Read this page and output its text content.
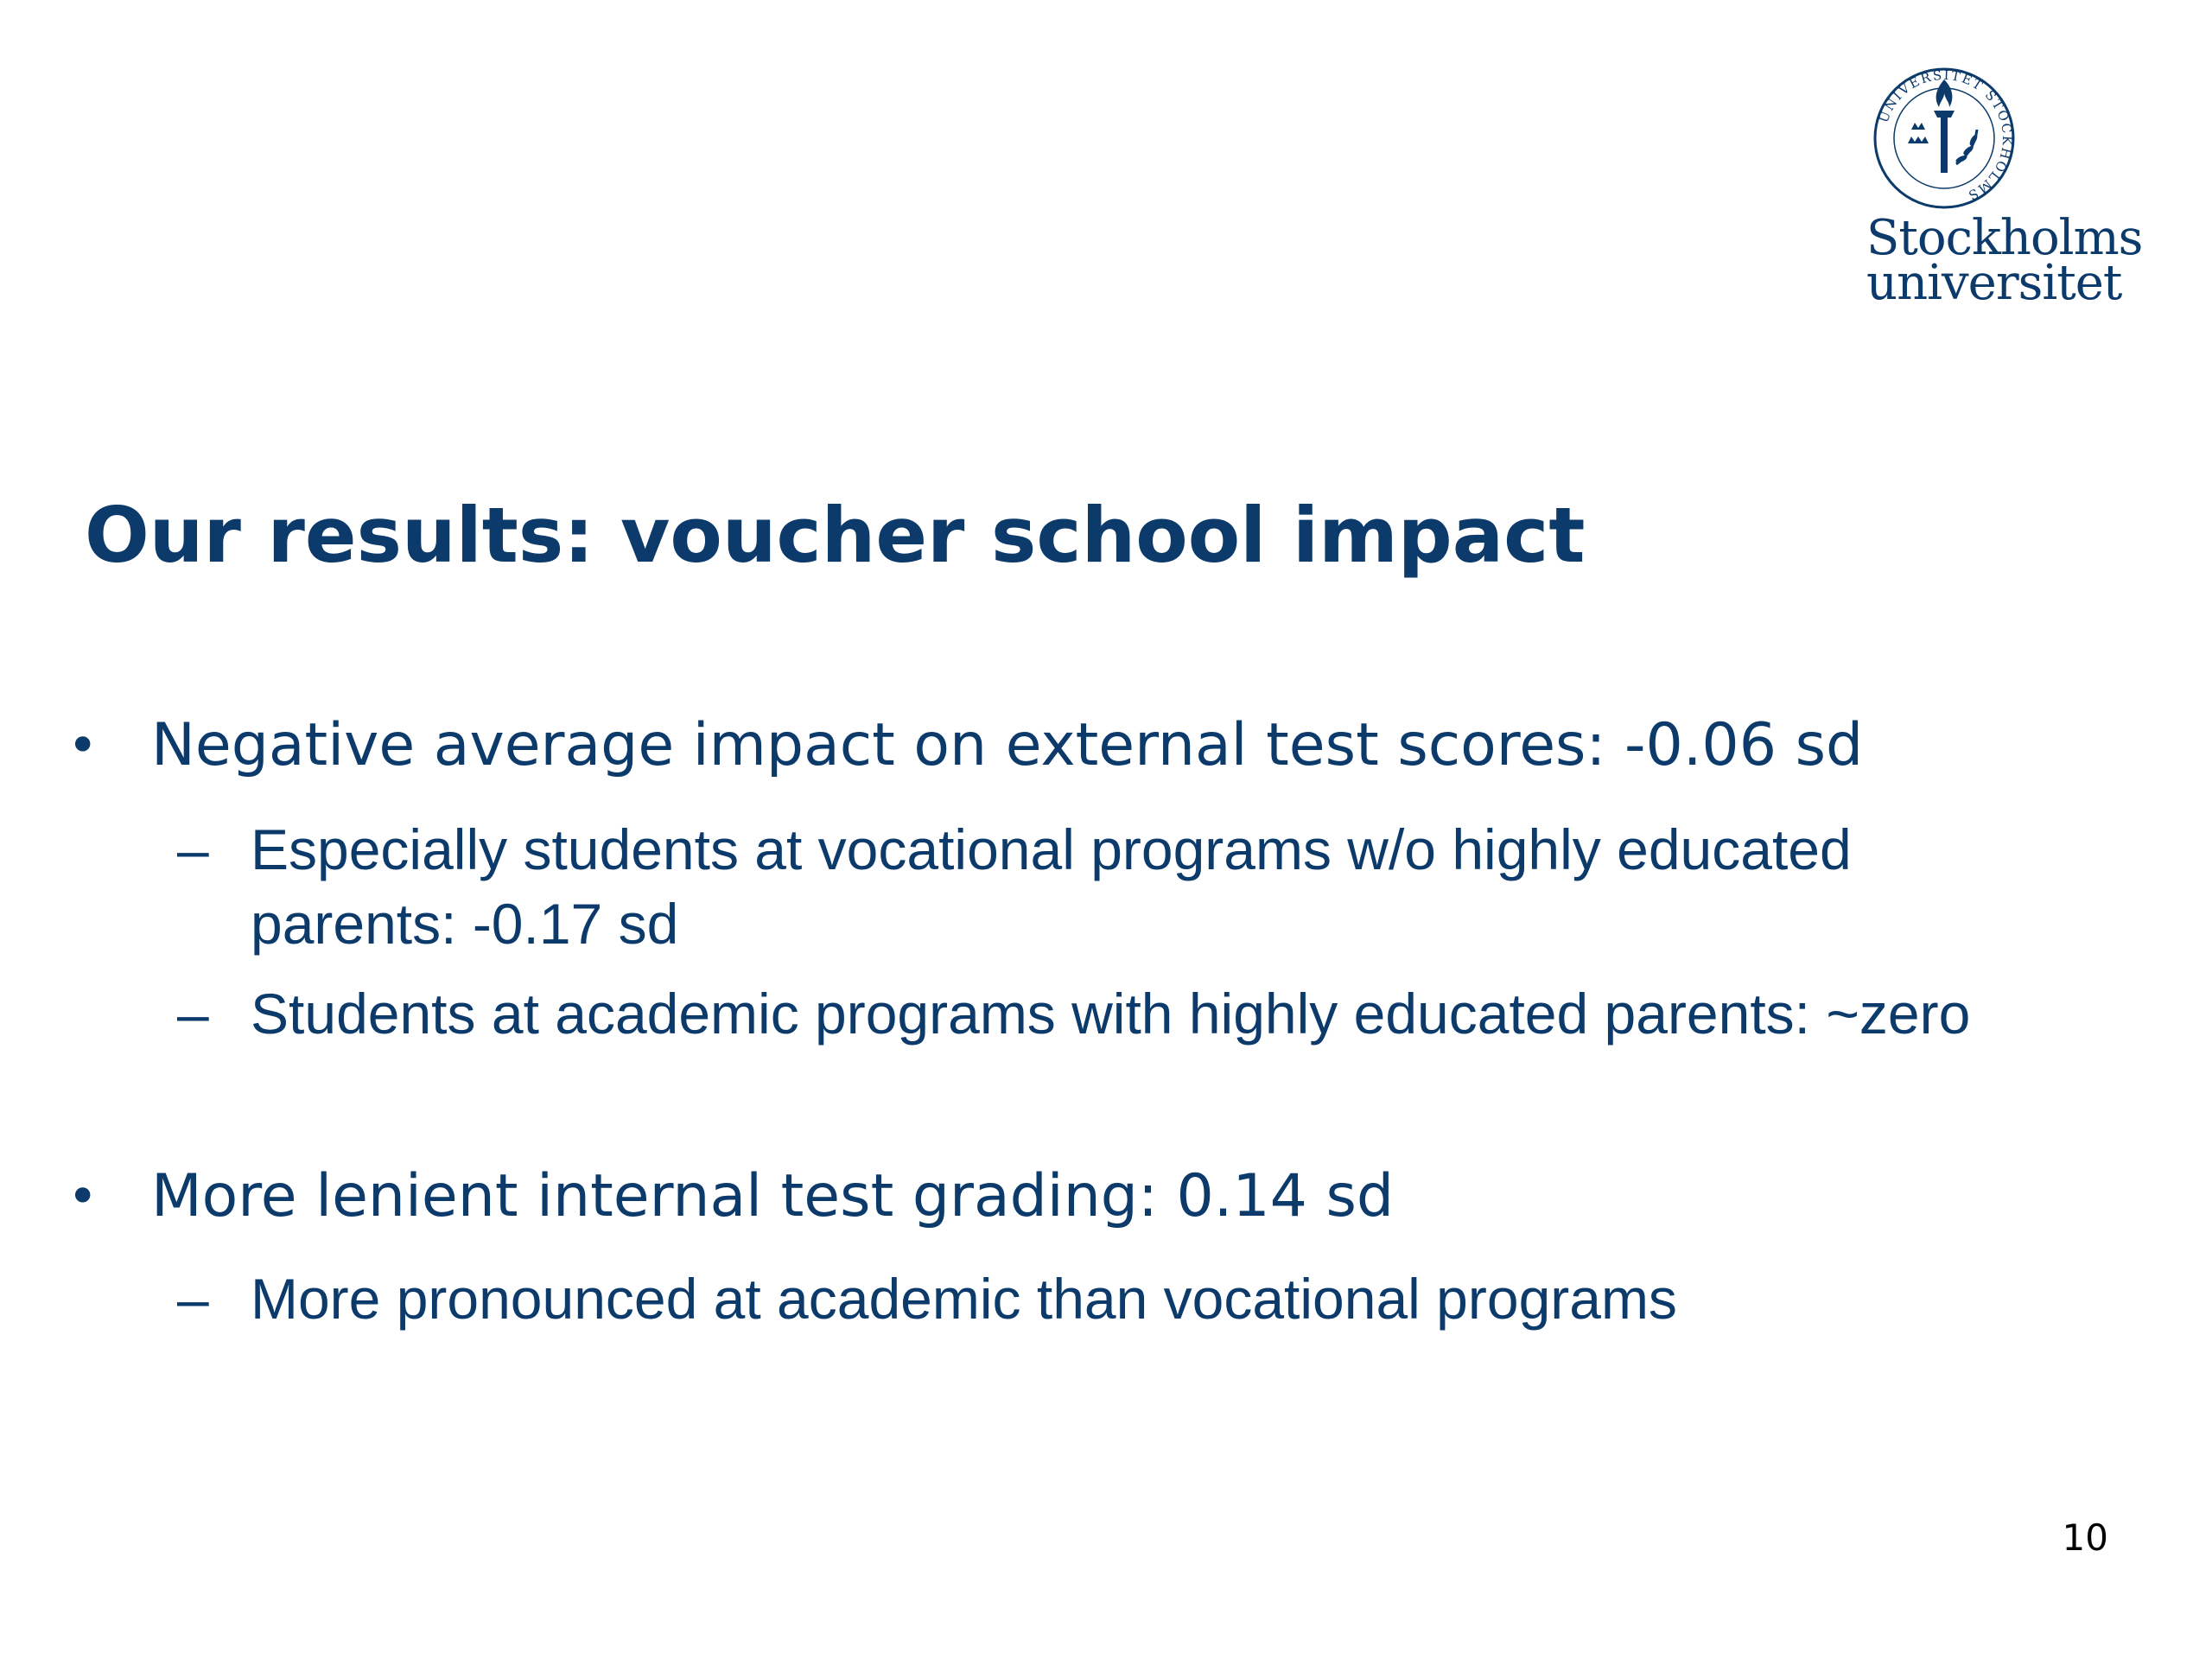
UNIVERSITET STOCKHOLMS
Stockholms
universitet
Our results: voucher school impact
• Negative average impact on external test scores: -0.06 sd
– Especially students at vocational programs w/o highly educated
parents: -0.17 sd
– Students at academic programs with highly educated parents: ~zero
• More lenient internal test grading: 0.14 sd
– More pronounced at academic than vocational programs
10
